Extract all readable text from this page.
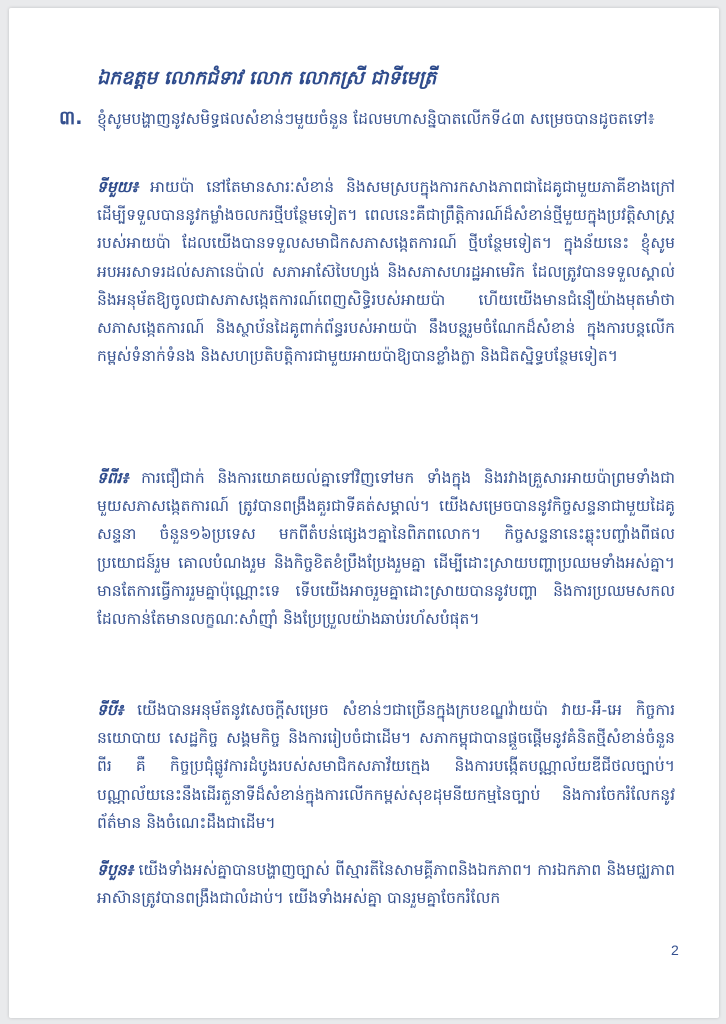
ឯកឧត្តម លោកជំទាវ លោក លោកស្រី ជាទីមេត្រី
៣. ខ្ញុំសូមបង្ហាញនូវសមិទ្ធផលសំខាន់ៗមួយចំនួន ដែលមហាសន្និបាតលើកទី៤៣ សម្រេចបានដូចតទៅ៖
ទីមួយ៖ អាយប៉ា នៅតែមានសារៈសំខាន់ និងសមស្របក្នុងការកសាងភាពជាដៃគូជាមួយភាគីខាងក្រៅ ដើម្បីទទួលបាននូវកម្លាំងចលករថ្មីបន្ថែមទៀត។ ពេលនេះគឺជាព្រឹត្តិការណ៍ដ៏សំខាន់ថ្មីមួយក្នុងប្រវត្តិសាស្ត្ររបស់អាយប៉ា ដែលយើងបានទទួលសមាជិកសភាសង្កេតការណ៍ ថ្មីបន្ថែមទៀត។ ក្នុងន័យនេះ ខ្ញុំសូមអបអរសាទរដល់សភានេប៉ាល់ សភាអាស៊ែបៃហ្សង់ និងសភាសហរដ្ឋអាមេរិក ដែលត្រូវបានទទួលស្គាល់ និងអនុម័តឱ្យចូលជាសភាសង្កេតការណ៍ពេញសិទ្ធិរបស់អាយប៉ា ហើយយើងមានជំនឿយ៉ាងមុតមាំថា សភាសង្កេតការណ៍ និងស្ថាប័នដៃគូពាក់ព័ន្ធរបស់អាយប៉ា នឹងបន្តរួមចំណែកដ៏សំខាន់ ក្នុងការបន្តលើកកម្ពស់ទំនាក់ទំនង និងសហប្រតិបត្តិការជាមួយអាយប៉ាឱ្យបានខ្លាំងក្លា និងជិតស្និទ្ធបន្ថែមទៀត។
ទីពីរ៖ ការជឿជាក់ និងការយោគយល់គ្នាទៅវិញទៅមក ទាំងក្នុង និងរវាងគ្រួសារអាយប៉ាព្រមទាំងជាមួយសភាសង្កេតការណ៍ ត្រូវបានពង្រឹងគួរជាទីគត់សម្គាល់។ យើងសម្រេចបាននូវកិច្ចសន្ទនាជាមួយដៃគូសន្ទនា ចំនួន១៦ប្រទេស មកពីតំបន់ផ្សេងៗគ្នានៃពិភពលោក។ កិច្ចសន្ទនានេះឆ្លុះបញ្ចាំងពីផលប្រយោជន៍រួម គោលបំណងរួម និងកិច្ចខិតខំប្រឹងប្រែងរួមគ្នា ដើម្បីដោះស្រាយបញ្ហាប្រឈមទាំងអស់គ្នា។ មានតែការធ្វើការរួមគ្នាប៉ុណ្ណោះទេ ទើបយើងអាចរួមគ្នាដោះស្រាយបាននូវបញ្ហា និងការប្រឈមសកលដែលកាន់តែមានលក្ខណៈសាំញ៉ាំ និងប្រែប្រួលយ៉ាងឆាប់រហ័សបំផុត។
ទីបី៖ យើងបានអនុម័តនូវសេចក្តីសម្រេច សំខាន់ៗជាច្រើនក្នុងក្របខណ្ឌវ៉ាយប៉ា វាយ-អឹ-អេ កិច្ចការនយោបាយ សេដ្ឋកិច្ច សង្គមកិច្ច និងការរៀបចំជាដើម។ សភាកម្ពុជាបានផ្តួចផ្តើមនូវគំនិតថ្មីសំខាន់ចំនួនពីរ គឺ កិច្ចប្រជុំផ្លូវការដំបូងរបស់សមាជិកសភាវ័យក្មេង និងការបង្កើតបណ្ណាល័យឌីជីថលច្បាប់។ បណ្ណាល័យនេះនឹងដើរតួនាទីដ៏សំខាន់ក្នុងការលើកកម្ពស់សុខដុមនីយកម្មនៃច្បាប់ និងការចែករំលែកនូវព័ត៌មាន និងចំណេះដឹងជាដើម។
ទីបួន៖ យើងទាំងអស់គ្នាបានបង្ហាញច្បាស់ ពីស្មារតីនៃសាមគ្គីភាពនិងឯកភាព។ ការឯកភាព និងមជ្ឈភាពអាស៊ានត្រូវបានពង្រឹងជាលំដាប់។ យើងទាំងអស់គ្នា បានរួមគ្នាចែករំលែក
2
